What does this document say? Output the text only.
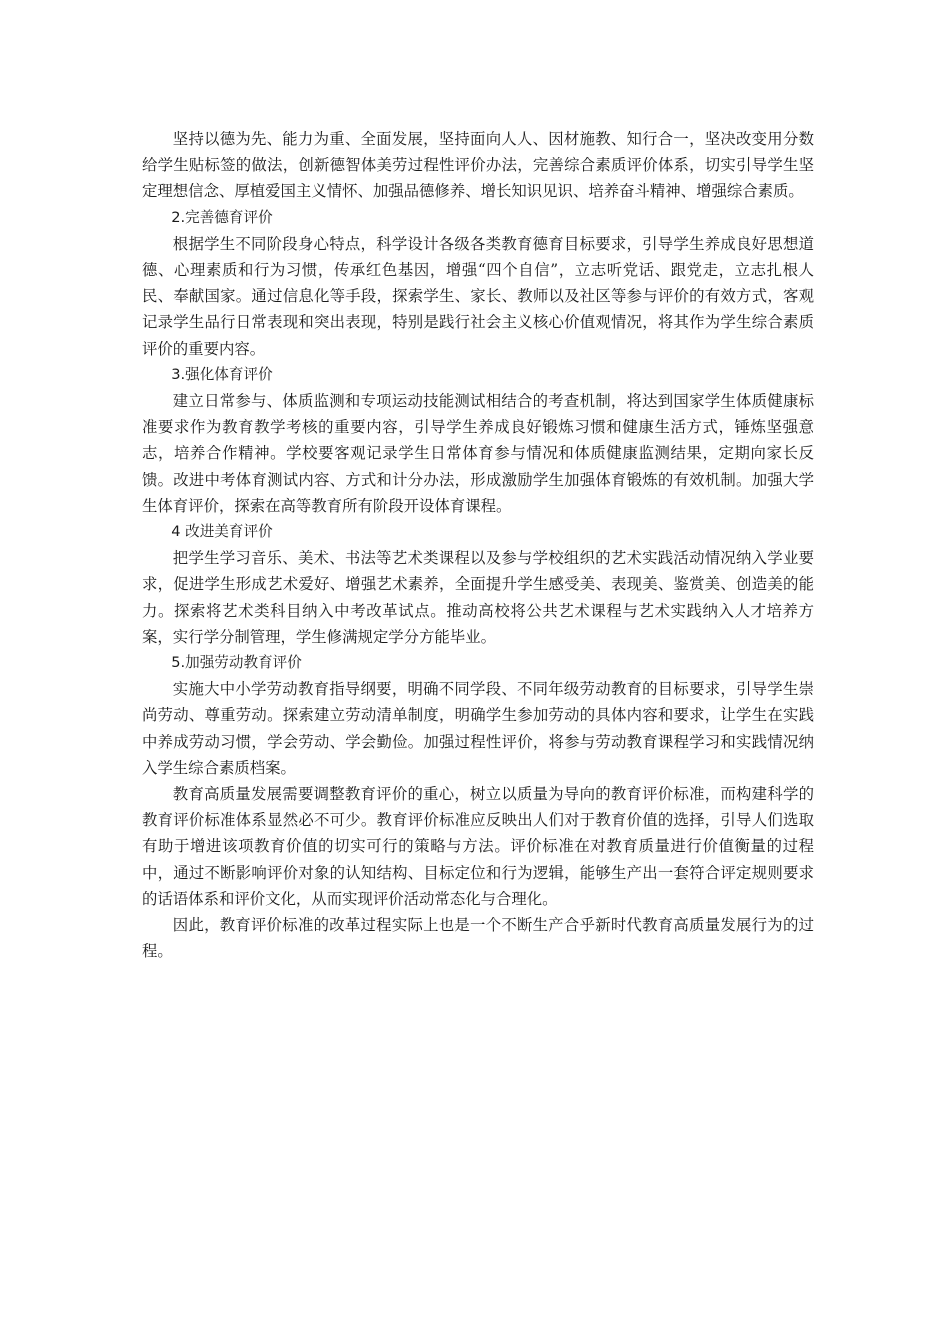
坚持以德为先、能力为重、全面发展，坚持面向人人、因材施教、知行合一，坚决改变用分数给学生贴标签的做法，创新德智体美劳过程性评价办法，完善综合素质评价体系，切实引导学生坚定理想信念、厚植爱国主义情怀、加强品德修养、增长知识见识、培养奋斗精神、增强综合素质。

2.完善德育评价

根据学生不同阶段身心特点，科学设计各级各类教育德育目标要求，引导学生养成良好思想道德、心理素质和行为习惯，传承红色基因，增强“四个自信”，立志听党话、跟党走，立志扎根人民、奉献国家。通过信息化等手段，探索学生、家长、教师以及社区等参与评价的有效方式，客观记录学生品行日常表现和突出表现，特别是践行社会主义核心价值观情况，将其作为学生综合素质评价的重要内容。

3.强化体育评价

建立日常参与、体质监测和专项运动技能测试相结合的考查机制，将达到国家学生体质健康标准要求作为教育教学考核的重要内容，引导学生养成良好锻炼习惯和健康生活方式，锤炼坚强意志，培养合作精神。学校要客观记录学生日常体育参与情况和体质健康监测结果，定期向家长反馈。改进中考体育测试内容、方式和计分办法，形成激励学生加强体育锻炼的有效机制。加强大学生体育评价，探索在高等教育所有阶段开设体育课程。

4 改进美育评价

把学生学习音乐、美术、书法等艺术类课程以及参与学校组织的艺术实践活动情况纳入学业要求，促进学生形成艺术爱好、增强艺术素养，全面提升学生感受美、表现美、鉴赏美、创造美的能力。探索将艺术类科目纳入中考改革试点。推动高校将公共艺术课程与艺术实践纳入人才培养方案，实行学分制管理，学生修满规定学分方能毕业。

5.加强劳动教育评价

实施大中小学劳动教育指导纲要，明确不同学段、不同年级劳动教育的目标要求，引导学生崇尚劳动、尊重劳动。探索建立劳动清单制度，明确学生参加劳动的具体内容和要求，让学生在实践中养成劳动习惯，学会劳动、学会勤俭。加强过程性评价，将参与劳动教育课程学习和实践情况纳入学生综合素质档案。

教育高质量发展需要调整教育评价的重心，树立以质量为导向的教育评价标准，而构建科学的教育评价标准体系显然必不可少。教育评价标准应反映出人们对于教育价值的选择，引导人们选取有助于增进该项教育价值的切实可行的策略与方法。评价标准在对教育质量进行价值衡量的过程中，通过不断影响评价对象的认知结构、目标定位和行为逻辑，能够生产出一套符合评定规则要求的话语体系和评价文化，从而实现评价活动常态化与合理化。

因此，教育评价标准的改革过程实际上也是一个不断生产合乎新时代教育高质量发展行为的过程。
